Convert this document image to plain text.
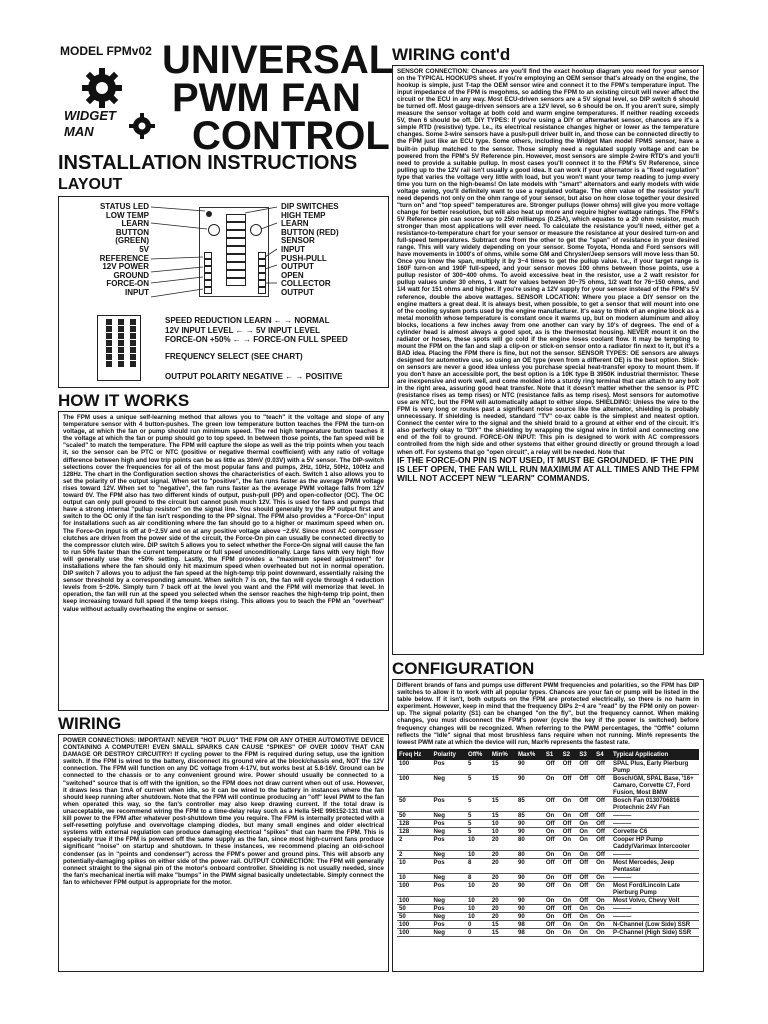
MODEL FPMv02
WIDGET
MAN
UNIVERSAL
PWM FAN
CONTROL
INSTALLATION INSTRUCTIONS
LAYOUT
STATUS LED
LOW TEMP
LEARN
BUTTON
(GREEN)
5V
REFERENCE
12V POWER
GROUND
FORCE-ON
INPUT
DIP SWITCHES
HIGH TEMP
LEARN
BUTTON (RED)
SENSOR
INPUT
PUSH-PULL
OUTPUT
OPEN
COLLECTOR
OUTPUT
SPEED REDUCTION LEARN ← → NORMAL
12V INPUT LEVEL ← → 5V INPUT LEVEL
FORCE-ON +50% ← → FORCE-ON FULL SPEED
FREQUENCY SELECT (SEE CHART)
OUTPUT POLARITY NEGATIVE ← → POSITIVE
HOW IT WORKS
The FPM uses a unique self-learning method that allows you to "teach" it the voltage and slope of any temperature sensor with 4 button-pushes. The green low temperature button teaches the FPM the turn-on voltage, at which the fan or pump should run minimum speed. The red high temperature button teaches it the voltage at which the fan or pump should go to top speed. In between those points, the fan speed will be "scaled" to match the temperature. The FPM will capture the slope as well as the trip points when you teach it, so the sensor can be PTC or NTC (positive or negative thermal coefficient) with any ratio of voltage difference between high and low trip points can be as little as 30mV (0.03V) with a 5V sensor. The DIP-switch selections cover the frequencies for all of the most popular fans and pumps, 2Hz, 10Hz, 50Hz, 100Hz and 128Hz. The chart in the Configuration section shows the characteristics of each. Switch 1 also allows you to set the polarity of the output signal. When set to "positive", the fan runs faster as the average PWM voltage rises toward 12V. When set to "negative", the fan runs faster as the average PWM voltage falls from 12V toward 0V. The FPM also has two different kinds of output, push-pull (PP) and open-collector (OC). The OC output can only pull ground to the circuit but cannot push much 12V. This is used for fans and pumps that have a strong internal "pullup resistor" on the signal line. You should generally try the PP output first and switch to the OC only if the fan isn't responding to the PP signal. The FPM also provides a "Force-On" input for installations such as air conditioning where the fan should go to a higher or maximum speed when on. The Force-On input is off at 0~2.5V and on at any positive voltage above ~2.6V. Since most AC compressor clutches are driven from the power side of the circuit, the Force-On pin can usually be connected directly to the compressor clutch wire. DIP switch 5 allows you to select whether the Force-On signal will cause the fan to run 50% faster than the current temperature or full speed unconditionally. Large fans with very high flow will generally use the +50% setting. Lastly, the FPM provides a "maximum speed adjustment" for installations where the fan should only hit maximum speed when overheated but not in normal operation. DIP switch 7 allows you to adjust the fan speed at the high-temp trip point downward, essentially raising the sensor threshold by a corresponding amount. When switch 7 is on, the fan will cycle through 4 reduction levels from 5~20%. Simply turn 7 back off at the level you want and the FPM will memorize that level. In operation, the fan will run at the speed you selected when the sensor reaches the high-temp trip point, then keep increasing toward full speed if the temp keeps rising. This allows you to teach the FPM an "overheat" value without actually overheating the engine or sensor.
WIRING
POWER CONNECTIONS: IMPORTANT: NEVER "HOT PLUG" THE FPM OR ANY OTHER AUTOMOTIVE DEVICE CONTAINING A COMPUTER! EVEN SMALL SPARKS CAN CAUSE "SPIKES" OF OVER 1000V THAT CAN DAMAGE OR DESTROY CIRCUITRY! If cycling power to the FPM is required during setup, use the ignition switch. If the FPM is wired to the battery, disconnect its ground wire at the block/chassis end, NOT the 12V connection. The FPM will function on any DC voltage from 4-17V, but works best at 5.8-16V. Ground can be connected to the chassis or to any convenient ground wire. Power should usually be connected to a "switched" source that is off with the ignition, so the FPM does not draw current when out of use. However, it draws less than 1mA of current when idle, so it can be wired to the battery in instances where the fan should keep running after shutdown. Note that the FPM will continue producing an "off" level PWM to the fan when operated this way, so the fan's controller may also keep drawing current. If the total draw is unacceptable, we recommend wiring the FPM to a time-delay relay such as a Hella 5HE 996152-131 that will kill power to the FPM after whatever post-shutdown time you require. The FPM is internally protected with a self-resetting polyfuse and overvoltage clamping diodes, but many small engines and older electrical systems with external regulation can produce damaging electrical "spikes" that can harm the FPM. This is especially true if the FPM is powered off the same supply as the fan, since most high-current fans produce significant "noise" on startup and shutdown. In these instances, we recommend placing an old-school condenser (as in "points and condenser") across the FPM's power and ground pins. This will absorb any potentially-damaging spikes on either side of the power rail. OUTPUT CONNECTION: The FPM will generally connect straight to the signal pin of the motor's onboard controller. Shielding is not usually needed, since the fan's mechanical inertia will make "bumps" in the PWM signal basically undetectable. Simply connect the fan to whichever FPM output is appropriate for the motor.
WIRING cont'd
SENSOR CONNECTION: Chances are you'll find the exact hookup diagram you need for your sensor on the TYPICAL HOOKUPS sheet. If you're employing an OEM sensor that's already on the engine, the hookup is simple, just T-tap the OEM sensor wire and connect it to the FPM's temperature input. The input impedance of the FPM is megohms, so adding the FPM to an existing circuit will never affect the circuit or the ECU in any way. Most ECU-driven sensors are a 5V signal level, so DIP switch 6 should be turned off. Most gauge-driven sensors are a 12V level, so 6 should be on. If you aren't sure, simply measure the sensor voltage at both cold and warm engine temperatures. If neither reading exceeds 5V, then 6 should be off. DIY TYPES: If you're using a DIY or aftermarket sensor, chances are it's a simple RTD (resistive) type. I.e., its electrical resistance changes higher or lower as the temperature changes. Some 3-wire sensors have a push-pull driver built in, and those can be connected directly to the FPM just like an ECU type. Some others, including the Widget Man model FPMS sensor, have a built-in pullup matched to the sensor. Those simply need a regulated supply voltage and can be powered from the FPM's 5V Reference pin. However, most sensors are simple 2-wire RTD's and you'll need to provide a suitable pullup. In most cases you'll connect it to the FPM's 5V Reference, since pulling up to the 12V rail isn't usually a good idea. It can work if your alternator is a "fixed regulation" type that varies the voltage very little with load, but you won't want your temp reading to jump every time you turn on the high-beams! On late models with "smart" alternators and early models with wide voltage swing, you'll definitely want to use a regulated voltage. The ohm value of the resistor you'll need depends not only on the ohm range of your sensor, but also on how close together your desired "turn on" and "top speed" temperatures are. Stronger pullups (lower ohms) will give you more voltage change for better resolution, but will also heat up more and require higher wattage ratings. The FPM's 5V Reference pin can source up to 250 milliamps (0.25A), which equates to a 20 ohm resistor, much stronger than most applications will ever need. To calculate the resistance you'll need, either get a resistance-to-temperature chart for your sensor or measure the resistance at your desired turn-on and full-speed temperatures. Subtract one from the other to get the "span" of resistance in your desired range. This will vary widely depending on your sensor. Some Toyota, Honda and Ford sensors will have movements in 1000's of ohms, while some GM and Chrysler/Jeep sensors will move less than 50. Once you know the span, multiply it by 3~4 times to get the pullup value. I.e., if your target range is 160F turn-on and 190F full-speed, and your sensor moves 100 ohms between those points, use a pullup resistor of 300~400 ohms. To avoid excessive heat in the resistor, use a 2 watt resistor for pullup values under 30 ohms, 1 watt for values between 30~75 ohms, 1/2 watt for 76~150 ohms, and 1/4 watt for 151 ohms and higher. If you're using a 12V supply for your sensor instead of the FPM's 5V reference, double the above wattages. SENSOR LOCATION: Where you place a DIY sensor on the engine matters a great deal. It is always best, when possible, to get a sensor that will mount into one of the cooling system ports used by the engine manufacturer. It's easy to think of an engine block as a metal monolith whose temperature is constant once it warms up, but on modern aluminum and alloy blocks, locations a few inches away from one another can vary by 10's of degrees. The end of a cylinder head is almost always a good spot, as is the thermostat housing. NEVER mount it on the radiator or hoses, these spots will go cold if the engine loses coolant flow. It may be tempting to mount the FPM on the fan and slap a clip-on or stick-on sensor onto a radiator fin next to it, but it's a BAD idea. Placing the FPM there is fine, but not the sensor. SENSOR TYPES: OE sensors are always designed for automotive use, so using an OE type (even from a different OE) is the best option. Stick-on sensors are never a good idea unless you purchase special heat-transfer epoxy to mount them. If you don't have an accessible port, the best option is a 10K type B 3950K industrial thermistor. These are inexpensive and work well, and come molded into a sturdy ring terminal that can attach to any bolt in the right area, assuring good heat transfer. Note that it doesn't matter whether the sensor is PTC (resistance rises as temp rises) or NTC (resistance falls as temp rises). Most sensors for automotive use are NTC, but the FPM will automatically adapt to either slope. SHIELDING: Unless the wire to the FPM is very long or routes past a significant noise source like the alternator, shielding is probably unnecessary. If shielding is needed, standard "TV" co-ax cable is the simplest and neatest option. Connect the center wire to the signal and the shield braid to a ground at either end of the circuit. It's also perfectly okay to "DIY" the shielding by wrapping the signal wire in tinfoil and connecting one end of the foil to ground. FORCE-ON INPUT: This pin is designed to work with AC compressors controlled from the high side and other systems that either ground directly or ground through a load when off. For systems that go "open circuit", a relay will be needed. Note that
IF THE FORCE-ON PIN IS NOT USED, IT MUST BE GROUNDED. IF THE PIN IS LEFT OPEN, THE FAN WILL RUN MAXIMUM AT ALL TIMES AND THE FPM WILL NOT ACCEPT NEW "LEARN" COMMANDS.
CONFIGURATION
Different brands of fans and pumps use different PWM frequencies and polarities, so the FPM has DIP switches to allow it to work with all popular types. Chances are your fan or pump will be listed in the table below. If it isn't, both outputs on the FPM are protected electrically, so there is no harm in experiment. However, keep in mind that the frequency DIPs 2~4 are "read" by the FPM only on power-up. The signal polarity (S1) can be changed "on the fly", but the frequency cannot. When making changes, you must disconnect the FPM's power (cycle the key if the power is switched) before frequency changes will be recognized. When referring to the PWM percentages, the "Off%" column reflects the "Idle" signal that most brushless fans require when not running. Min% represents the lowest PWM rate at which the device will run, Max% represents the fastest rate.
Freq Hz	Polarity	Off%	Min%	Max%	S1	S2	S3	S4	Typical Application
100	Pos	5	15	90	Off	Off	Off	Off	SPAL Plus, Early Pierburg Pump
100	Neg	5	15	90	On	Off	Off	Off	Bosch/GM, SPAL Base, '16+ Camaro, Corvette C7, Ford Fusion, Most BMW
50	Pos	5	15	85	Off	On	Off	Off	Bosch Fan 0130706816 Protechnic 24V Fan
50	Neg	5	15	85	On	On	Off	Off	———
128	Pos	5	10	90	Off	Off	On	Off	———
128	Neg	5	10	90	On	Off	On	Off	Corvette C6
2	Pos	10	20	80	Off	On	On	Off	Cooper HP Pump Caddy/Varimax Intercooler
2	Neg	10	20	80	On	On	On	Off	———
10	Pos	8	20	90	Off	Off	Off	On	Most Mercedes, Jeep Pentastar
10	Neg	8	20	90	On	Off	Off	On	———
100	Pos	10	20	90	Off	On	Off	On	Most Ford/Lincoln Late Pierburg Pump
100	Neg	10	20	90	On	On	Off	On	Most Volvo, Chevy Volt
50	Pos	10	20	90	Off	Off	On	On	———
50	Neg	10	20	90	On	Off	On	On	———
100	Pos	0	15	98	Off	On	On	On	N-Channel (Low Side) SSR
100	Neg	0	15	98	On	On	On	On	P-Channel (High Side) SSR
